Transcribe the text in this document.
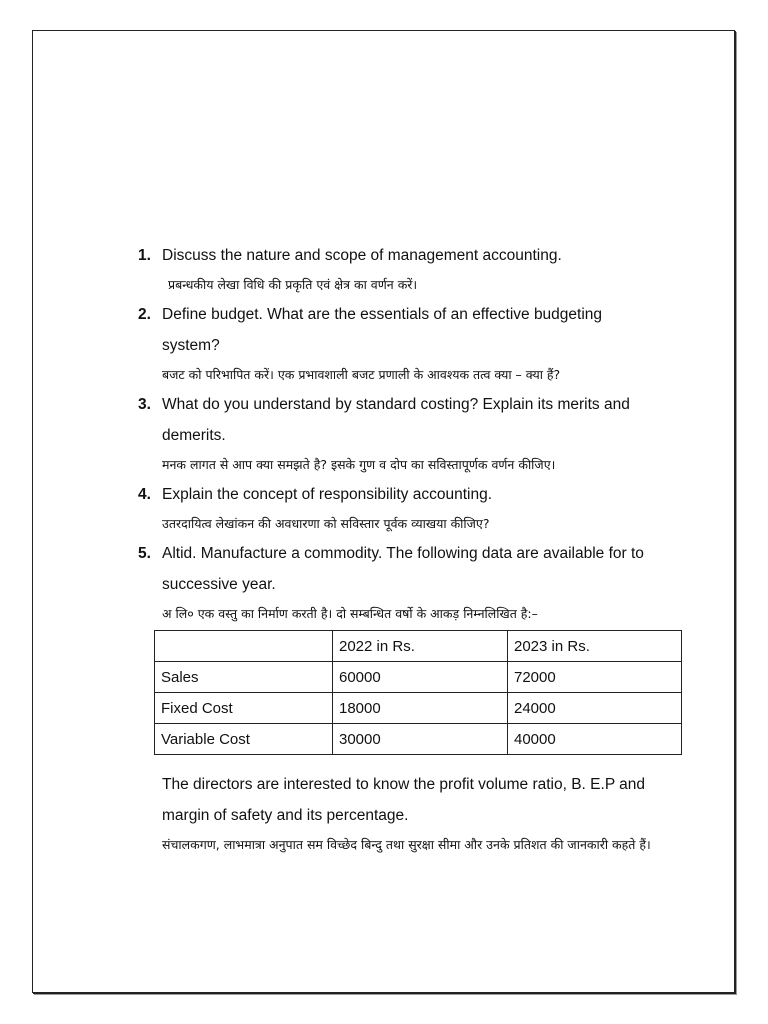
1. Discuss the nature and scope of management accounting.
प्रबन्धकीय लेखा विधि की प्रकृति एवं क्षेत्र का वर्णन करें।
2. Define budget. What are the essentials of an effective budgeting system?
बजट को परिभापित करें। एक प्रभावशाली बजट प्रणाली के आवश्यक तत्व क्या – क्या हैं?
3. What do you understand by standard costing? Explain its merits and demerits.
मनक लागत से आप क्या समझते है? इसके गुण व दोप का सविस्तापूर्णक वर्णन कीजिए।
4. Explain the concept of responsibility accounting.
उतरदायित्व लेखांकन की अवधारणा को सविस्तार पूर्वक व्याखया कीजिए?
5. Altid. Manufacture a commodity. The following data are available for to successive year.
अ लि० एक वस्तु का निर्माण करती है। दो सम्बन्धित वर्षो के आकड़ निम्नलिखित है:–
	2022 in Rs.	2023 in Rs.
Sales	60000	72000
Fixed Cost	18000	24000
Variable Cost	30000	40000
The directors are interested to know the profit volume ratio, B. E.P and margin of safety and its percentage.
संचालकगण, लाभमात्रा अनुपात सम विच्छेद बिन्दु तथा सुरक्षा सीमा और उनके प्रतिशत की जानकारी कहते हैं।
